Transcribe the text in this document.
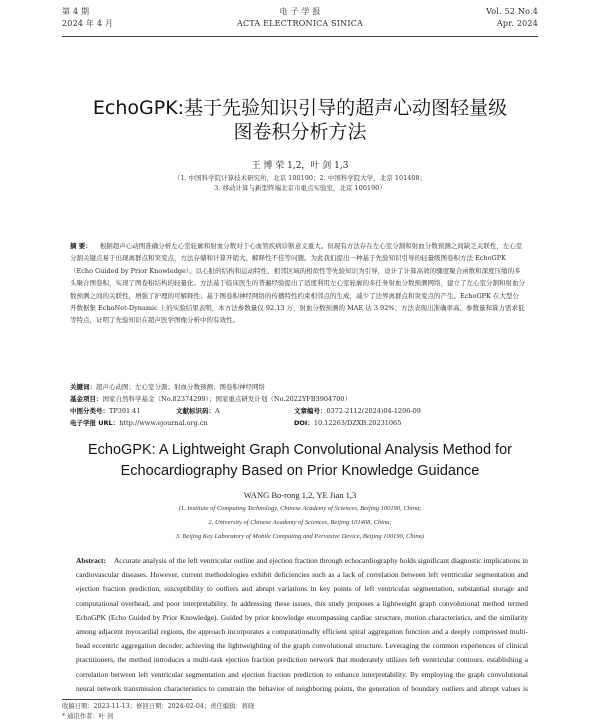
第 4 期
2024 年 4 月
电 子 学 报
ACTA ELECTRONICA SINICA
Vol. 52 No.4
Apr. 2024
EchoGPK:基于先验知识引导的超声心动图轻量级
图卷积分析方法
王 博 荣 1,2，叶 剑 1,3
（1. 中国科学院计算技术研究所，北京 100190；2. 中国科学院大学，北京 101408；
3. 移动计算与新型终端北京市重点实验室，北京 100190）
摘 要： 根据超声心动图准确分析左心室轮廓和射血分数对于心血管疾病诊断意义重大。但现有方法存在左心室分割和射血分数预测之间缺乏关联性，左心室分割关键点易于出现离群点和突变点，方法存储和计算开销大、解释性不佳等问题。为此我们提出一种基于先验知识引导的轻量级图卷积方法 EchoGPK（Echo Guided by Prior Knowledge）。以心脏的结构和运动特性、相邻区域的相似性等先验知识为引导，设计了计算高效的骤度聚合函数和深度压缩的多头聚合图卷积，实现了图卷积结构的轻量化。方法基于临床医生的普遍经验提出了适度利用左心室轮廓的多任务射血分数预测网络，建立了左心室分割和射血分数预测之间的关联性，增强了护理的可解释性；基于图卷积神经网络的传播特性约束相邻点的生成，减少了边界离群点和突变点的产生。EchoGPK 在大型公开数据集 EchoNet-Dynamic 上的实验结果表明，本方法参数量仅 92.13 万，射血分数预测的 MAE 达 3.92%；方法表现出准确率高、参数量和算力需求低等特点，证明了先验知识在超声医学图像分析中的有效性。
关键词：超声心动图；左心室分割；射血分数预测；图卷积神经网络
基金项目：国家自然科学基金（No.82374299）；国家重点研发计划（No.2022YFB3904700）
中图分类号：TP391.41	文献标识码：A	文章编号：0372-2112(2024)04-1296-09
电子学报 URL：http://www.ejournal.org.cn	DOI：10.12263/DZXB.20231065
EchoGPK: A Lightweight Graph Convolutional Analysis Method for
Echocardiography Based on Prior Knowledge Guidance
WANG Bo-rong 1,2, YE Jian 1,3
(1. Institute of Computing Technology, Chinese Academy of Sciences, Beijing 100190, China;
2. University of Chinese Academy of Sciences, Beijing 101408, China;
3. Beijing Key Laboratory of Mobile Computing and Pervasive Device, Beijing 100190, China)
Abstract: Accurate analysis of the left ventricular outline and ejection fraction through echocardiography holds significant diagnostic implications in cardiovascular diseases. However, current methodologies exhibit deficiencies such as a lack of correlation between left ventricular segmentation and ejection fraction prediction, susceptibility to outliers and abrupt variations in key points of left ventricular segmentation, substantial storage and computational overhead, and poor interpretability. In addressing these issues, this study proposes a lightweight graph convolutional method termed EchoGPK (Echo Guided by Prior Knowledge). Guided by prior knowledge encompassing cardiac structure, motion characteristics, and the similarity among adjacent myocardial regions, the approach incorporates a computationally efficient spiral aggregation function and a deeply compressed multi-head eccentric aggregation decoder, achieving the lightweighting of the graph convolutional structure. Leveraging the common experiences of clinical practitioners, the method introduces a multi-task ejection fraction prediction network that moderately utilizes left ventricular contours, establishing a correlation between left ventricular segmentation and ejection fraction prediction to enhance interpretability. By employing the graph convolutional neural network transmission characteristics to constrain the behavior of neighboring points, the generation of boundary outliers and abrupt values is
收稿日期：2023-11-13；修回日期：2024-02-04；责任编辑：蒋晓
* 通讯作者：叶 剑
